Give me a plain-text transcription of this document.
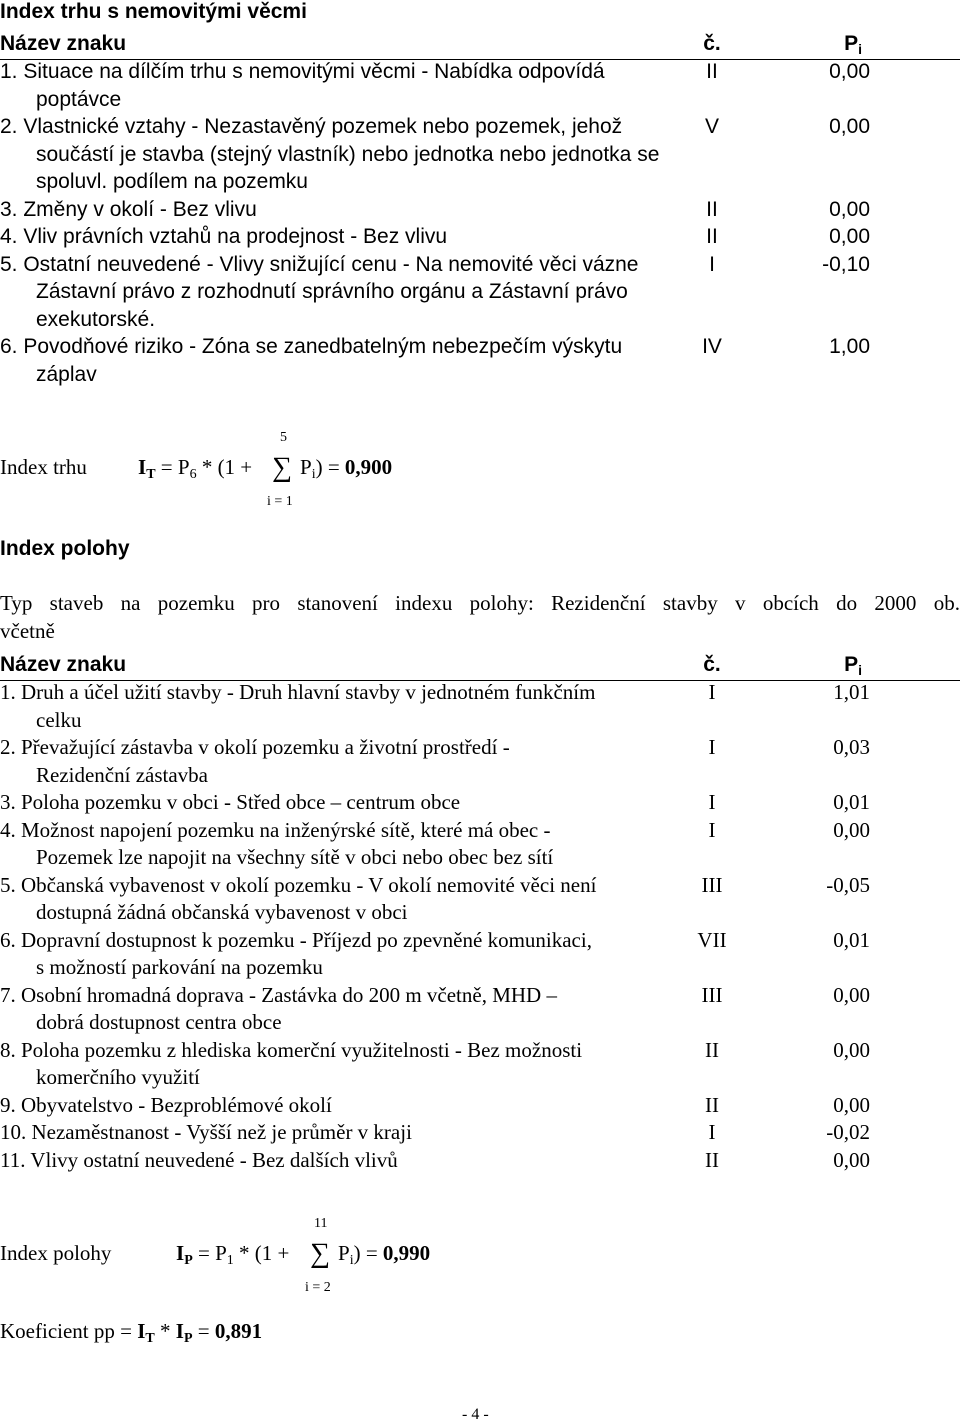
Index trhu s nemovitými věcmi
Název znaku	č.	$P_i$
1. Situace na dílčím trhu s nemovitými věcmi - Nabídka odpovídá
poptávce
II	0,00
2. Vlastnické vztahy - Nezastavěný pozemek nebo pozemek, jehož
součástí je stavba (stejný vlastník) nebo jednotka nebo jednotka se
spoluvl. podílem na pozemku
V	0,00
3. Změny v okolí - Bez vlivu	II	0,00
4. Vliv právních vztahů na prodejnost - Bez vlivu	II	0,00
5. Ostatní neuvedené - Vlivy snižující cenu - Na nemovité věci vázne
Zástavní právo z rozhodnutí správního orgánu a Zástavní právo
exekutorské.
I	-0,10
6. Povodňové riziko - Zóna se zanedbatelným nebezpečím výskytu
záplav
IV	1,00
5
Index trhu $I_T = P_6 * (1$ + ∑ $P_i) = 0,900$
i = 1
Index polohy
Typ staveb na pozemku pro stanovení indexu polohy: Rezidenční stavby v obcích do 2000 ob.
včetně
Název znaku	č.	$P_i$
1. Druh a účel užití stavby - Druh hlavní stavby v jednotném funkčním
celku
I	1,01
2. Převažující zástavba v okolí pozemku a životní prostředí -
Rezidenční zástavba
I	0,03
3. Poloha pozemku v obci - Střed obce – centrum obce	I	0,01
4. Možnost napojení pozemku na inženýrské sítě, které má obec -
Pozemek lze napojit na všechny sítě v obci nebo obec bez sítí
I	0,00
5. Občanská vybavenost v okolí pozemku - V okolí nemovité věci není
dostupná žádná občanská vybavenost v obci
III	-0,05
6. Dopravní dostupnost k pozemku - Příjezd po zpevněné komunikaci,
s možností parkování na pozemku
VII	0,01
7. Osobní hromadná doprava - Zastávka do 200 m včetně, MHD –
dobrá dostupnost centra obce
III	0,00
8. Poloha pozemku z hlediska komerční využitelnosti - Bez možnosti
komerčního využití
II	0,00
9. Obyvatelstvo - Bezproblémové okolí	II	0,00
10. Nezaměstnanost - Vyšší než je průměr v kraji	I	-0,02
11. Vlivy ostatní neuvedené - Bez dalších vlivů	II	0,00
11
Index polohy	$I_P = P_1 * (1$ + ∑ $P_i) = 0,990$
i = 2
Koeficient pp = $I_T * I_P = 0,891$
- 4 -
